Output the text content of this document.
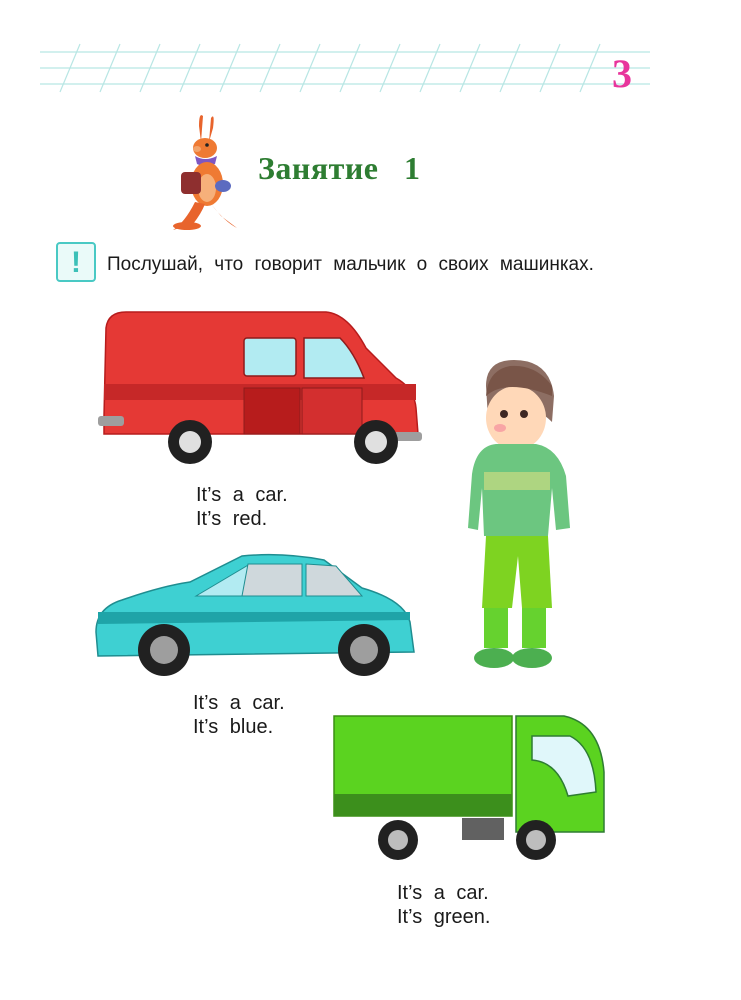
3
Занятие   1
!	Послушай, что говорит мальчик о своих машинках.
It’s a car.
It’s red.
It’s a car.
It’s blue.
It’s a car.
It’s green.
